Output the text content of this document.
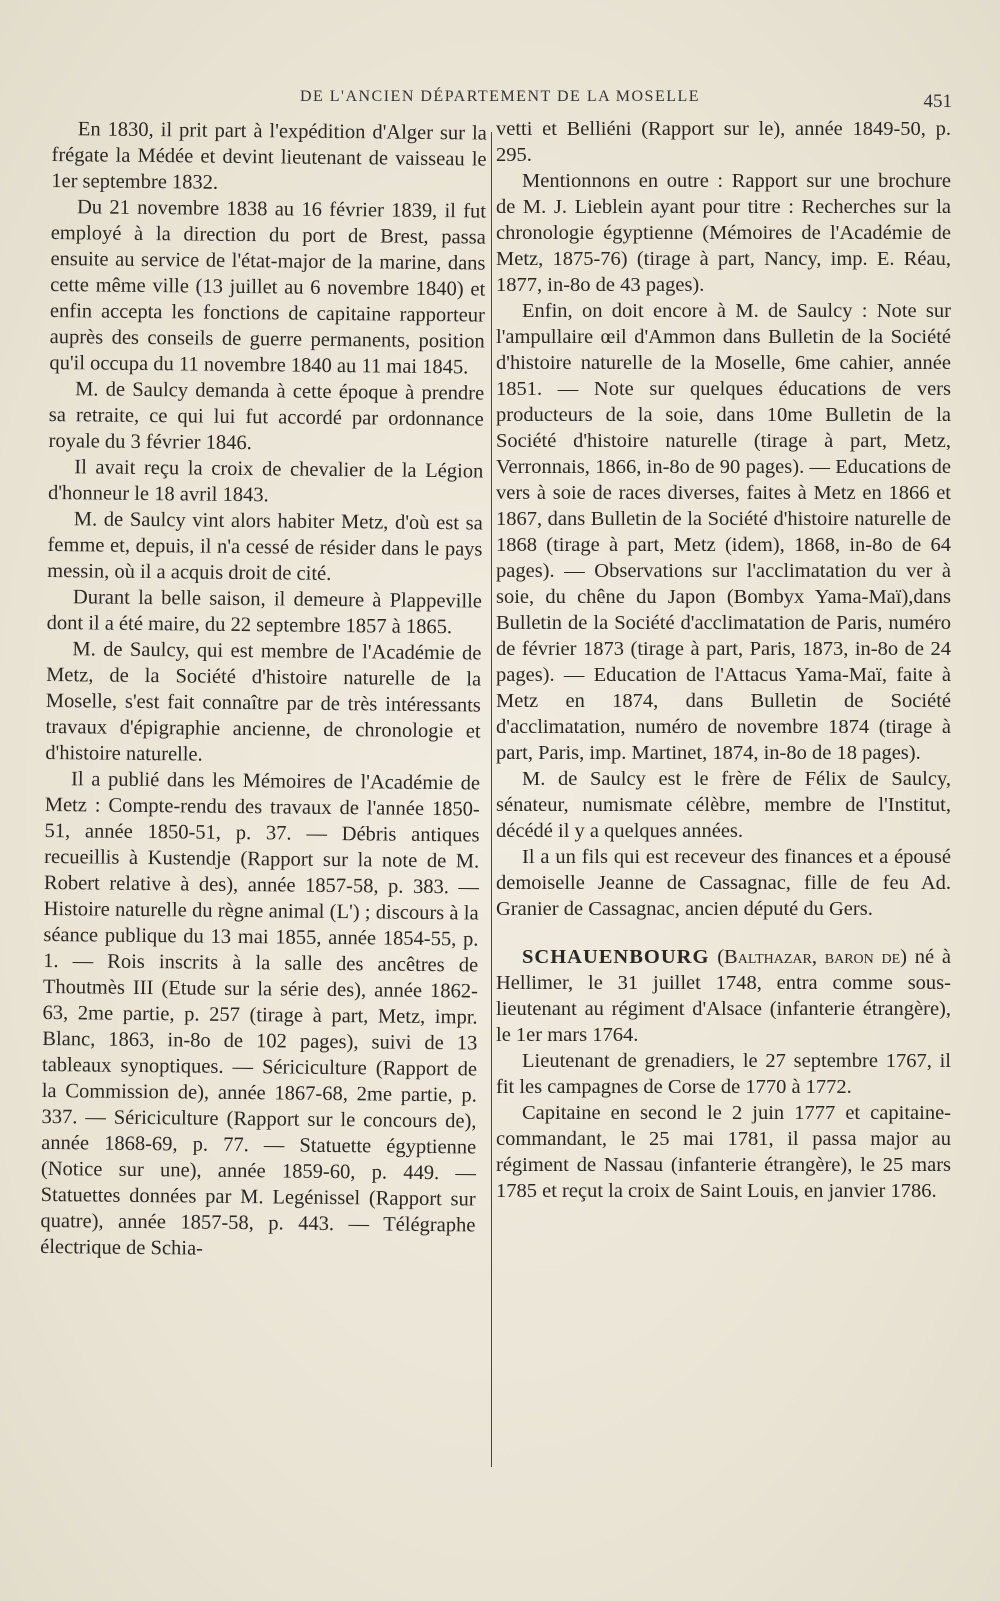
DE L'ANCIEN DÉPARTEMENT DE LA MOSELLE	451

En 1830, il prit part à l'expédition d'Alger sur la frégate la Médée et devint lieutenant de vaisseau le 1er septembre 1832.

Du 21 novembre 1838 au 16 février 1839, il fut employé à la direction du port de Brest, passa ensuite au service de l'état-major de la marine, dans cette même ville (13 juillet au 6 novembre 1840) et enfin accepta les fonctions de capitaine rapporteur auprès des conseils de guerre permanents, position qu'il occupa du 11 novembre 1840 au 11 mai 1845.

M. de Saulcy demanda à cette époque à prendre sa retraite, ce qui lui fut accordé par ordonnance royale du 3 février 1846.

Il avait reçu la croix de chevalier de la Légion d'honneur le 18 avril 1843.

M. de Saulcy vint alors habiter Metz, d'où est sa femme et, depuis, il n'a cessé de résider dans le pays messin, où il a acquis droit de cité.

Durant la belle saison, il demeure à Plappeville dont il a été maire, du 22 septembre 1857 à 1865.

M. de Saulcy, qui est membre de l'Académie de Metz, de la Société d'histoire naturelle de la Moselle, s'est fait connaître par de très intéressants travaux d'épigraphie ancienne, de chronologie et d'histoire naturelle.

Il a publié dans les Mémoires de l'Académie de Metz : Compte-rendu des travaux de l'année 1850-51, année 1850-51, p. 37. — Débris antiques recueillis à Kustendje (Rapport sur la note de M. Robert relative à des), année 1857-58, p. 383. — Histoire naturelle du règne animal (L') ; discours à la séance publique du 13 mai 1855, année 1854-55, p. 1. — Rois inscrits à la salle des ancêtres de Thoutmès III (Etude sur la série des), année 1862-63, 2me partie, p. 257 (tirage à part, Metz, impr. Blanc, 1863, in-8o de 102 pages), suivi de 13 tableaux synoptiques. — Sériciculture (Rapport de la Commission de), année 1867-68, 2me partie, p. 337. — Sériciculture (Rapport sur le concours de), année 1868-69, p. 77. — Statuette égyptienne (Notice sur une), année 1859-60, p. 449. — Statuettes données par M. Legénissel (Rapport sur quatre), année 1857-58, p. 443. — Télégraphe électrique de Schia-

vetti et Belliéni (Rapport sur le), année 1849-50, p. 295.

Mentionnons en outre : Rapport sur une brochure de M. J. Lieblein ayant pour titre : Recherches sur la chronologie égyptienne (Mémoires de l'Académie de Metz, 1875-76) (tirage à part, Nancy, imp. E. Réau, 1877, in-8o de 43 pages).

Enfin, on doit encore à M. de Saulcy : Note sur l'ampullaire œil d'Ammon dans Bulletin de la Société d'histoire naturelle de la Moselle, 6me cahier, année 1851. — Note sur quelques éducations de vers producteurs de la soie, dans 10me Bulletin de la Société d'histoire naturelle (tirage à part, Metz, Verronnais, 1866, in-8o de 90 pages). — Educations de vers à soie de races diverses, faites à Metz en 1866 et 1867, dans Bulletin de la Société d'histoire naturelle de 1868 (tirage à part, Metz (idem), 1868, in-8o de 64 pages). — Observations sur l'acclimatation du ver à soie, du chêne du Japon (Bombyx Yama-Maï),dans Bulletin de la Société d'acclimatation de Paris, numéro de février 1873 (tirage à part, Paris, 1873, in-8o de 24 pages). — Education de l'Attacus Yama-Maï, faite à Metz en 1874, dans Bulletin de Société d'acclimatation, numéro de novembre 1874 (tirage à part, Paris, imp. Martinet, 1874, in-8o de 18 pages).

M. de Saulcy est le frère de Félix de Saulcy, sénateur, numismate célèbre, membre de l'Institut, décédé il y a quelques années.

Il a un fils qui est receveur des finances et a épousé demoiselle Jeanne de Cassagnac, fille de feu Ad. Granier de Cassagnac, ancien député du Gers.

SCHAUENBOURG (Balthazar, baron de) né à Hellimer, le 31 juillet 1748, entra comme sous-lieutenant au régiment d'Alsace (infanterie étrangère), le 1er mars 1764.

Lieutenant de grenadiers, le 27 septembre 1767, il fit les campagnes de Corse de 1770 à 1772.

Capitaine en second le 2 juin 1777 et capitaine-commandant, le 25 mai 1781, il passa major au régiment de Nassau (infanterie étrangère), le 25 mars 1785 et reçut la croix de Saint Louis, en janvier 1786.
